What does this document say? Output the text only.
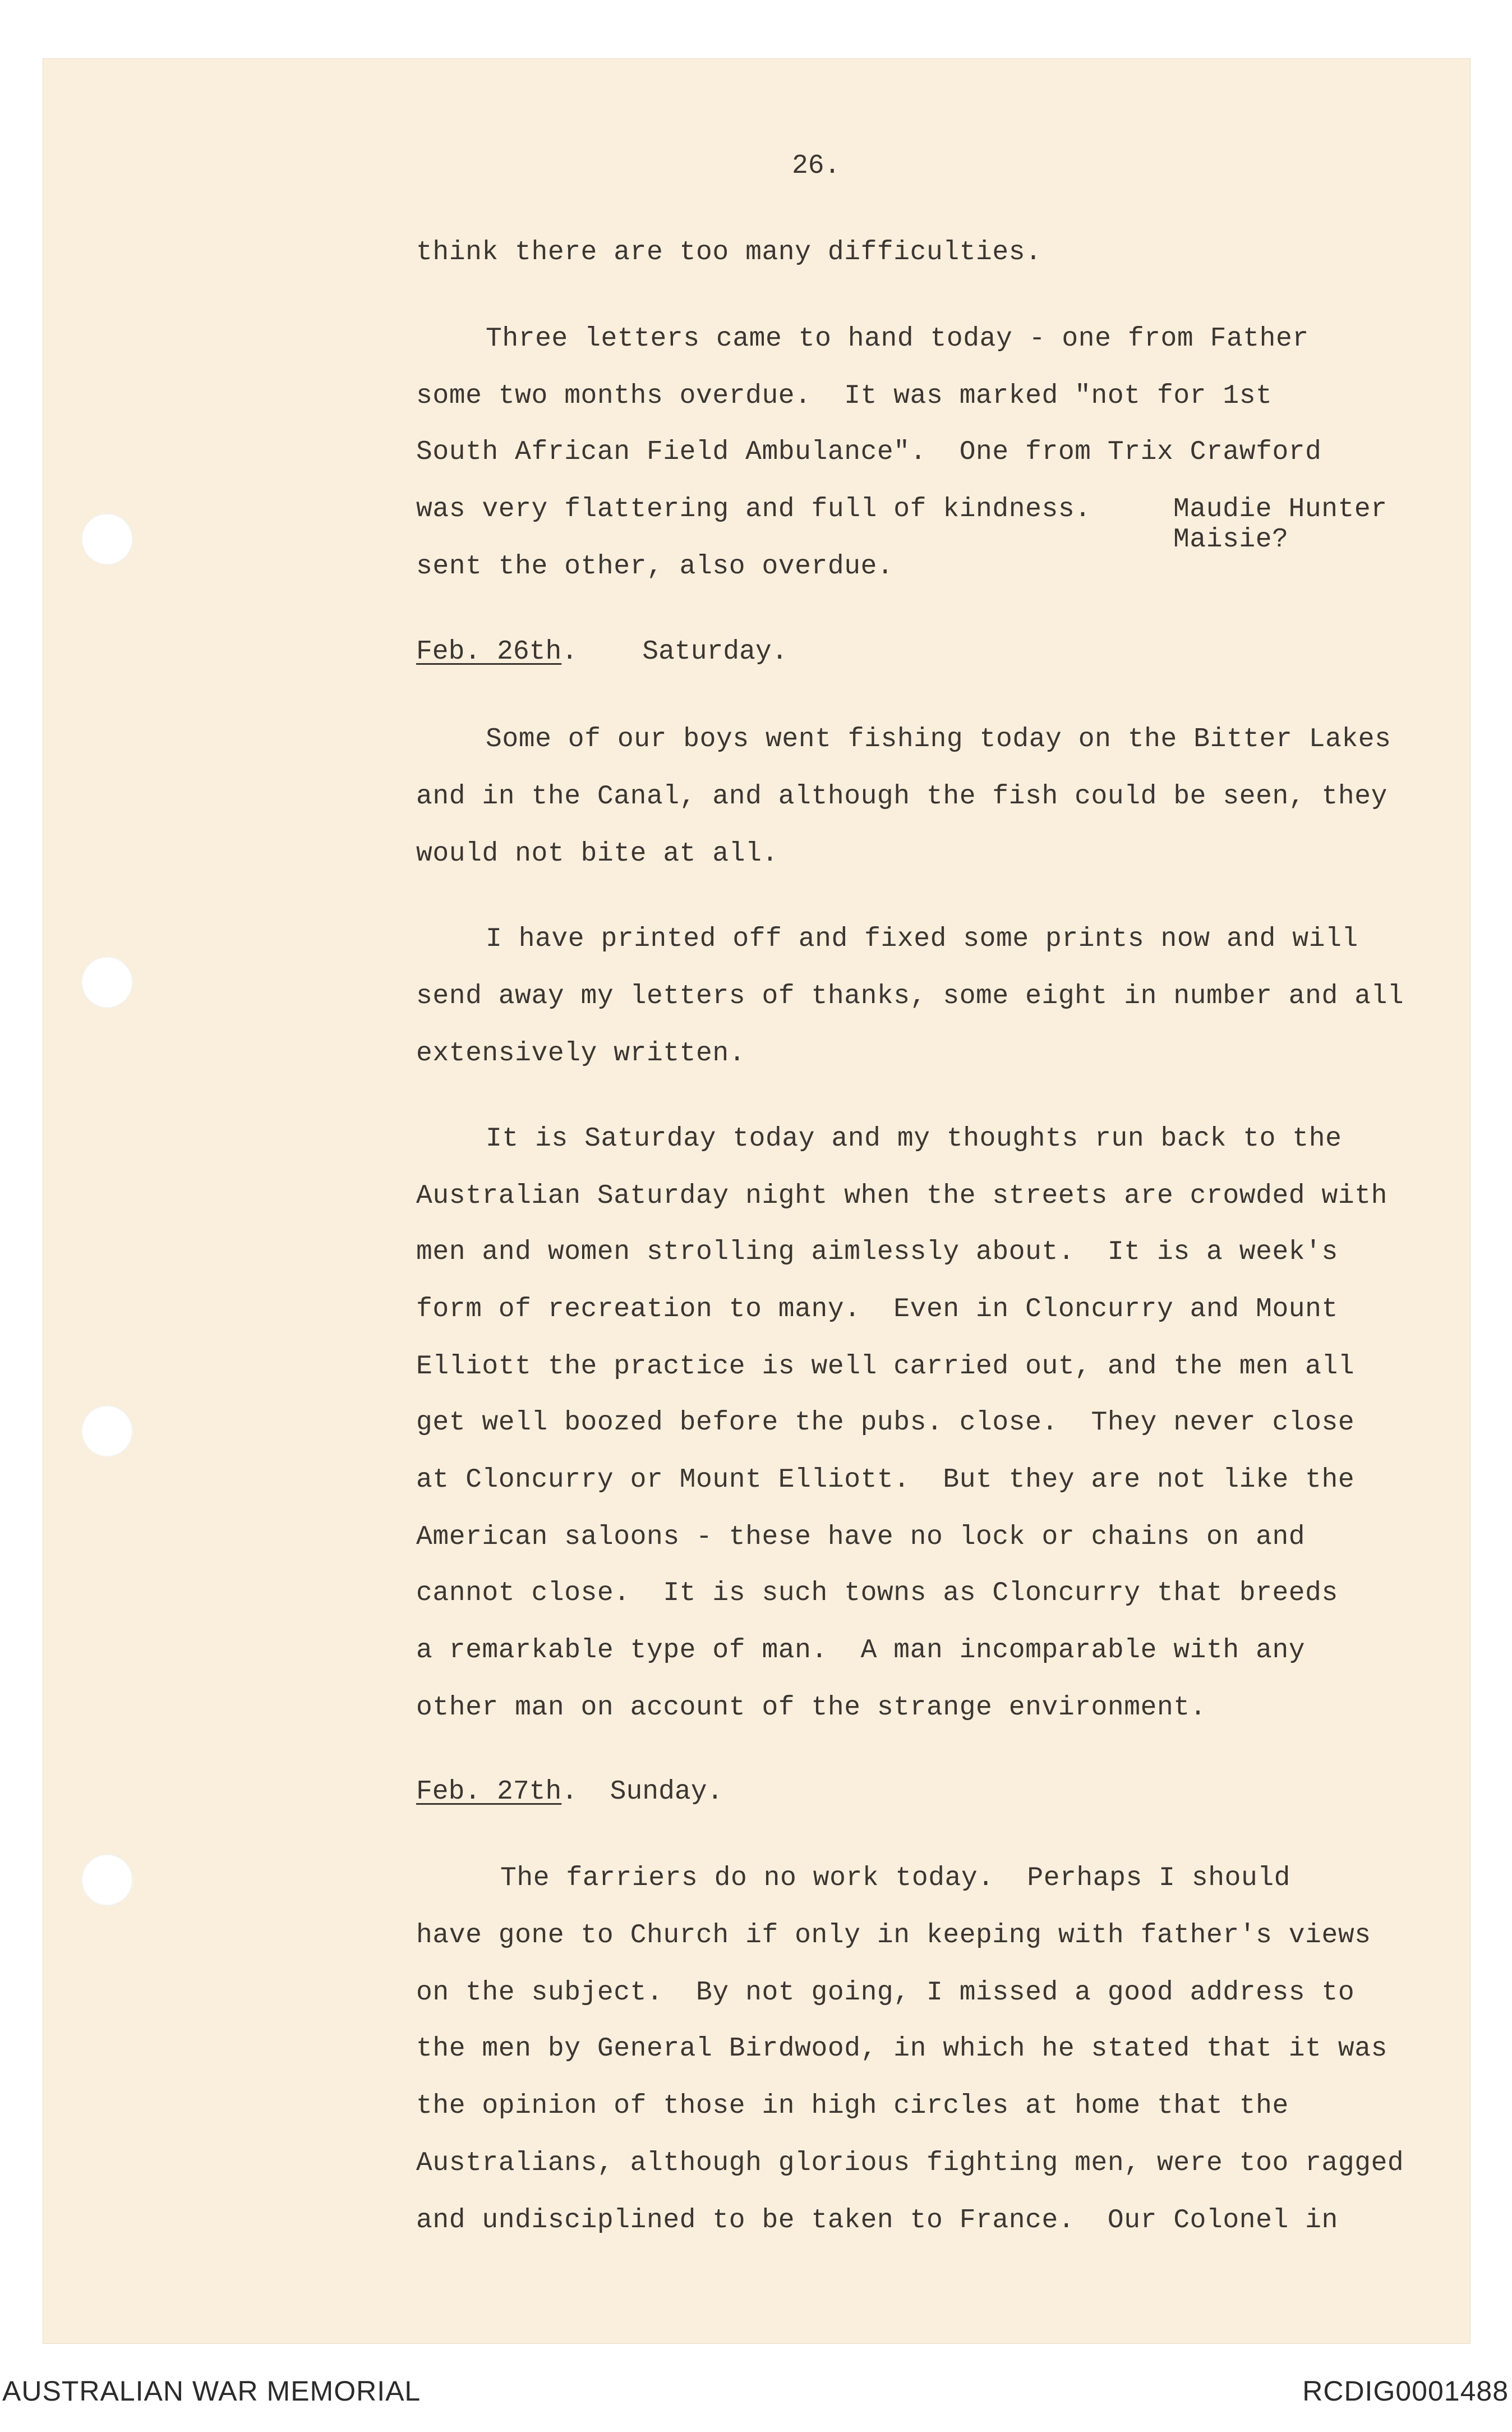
26.
think there are too many difficulties.
Three letters came to hand today - one from Father
some two months overdue.  It was marked "not for 1st
South African Field Ambulance".  One from Trix Crawford
was very flattering and full of kindness.	Maudie Hunter
Maisie?
sent the other, also overdue.
Feb. 26th.    Saturday.
Some of our boys went fishing today on the Bitter Lakes
and in the Canal, and although the fish could be seen, they
would not bite at all.
I have printed off and fixed some prints now and will
send away my letters of thanks, some eight in number and all
extensively written.
It is Saturday today and my thoughts run back to the
Australian Saturday night when the streets are crowded with
men and women strolling aimlessly about.  It is a week's
form of recreation to many.  Even in Cloncurry and Mount
Elliott the practice is well carried out, and the men all
get well boozed before the pubs. close.  They never close
at Cloncurry or Mount Elliott.  But they are not like the
American saloons - these have no lock or chains on and
cannot close.  It is such towns as Cloncurry that breeds
a remarkable type of man.  A man incomparable with any
other man on account of the strange environment.
Feb. 27th.  Sunday.
The farriers do no work today.  Perhaps I should
have gone to Church if only in keeping with father's views
on the subject.  By not going, I missed a good address to
the men by General Birdwood, in which he stated that it was
the opinion of those in high circles at home that the
Australians, although glorious fighting men, were too ragged
and undisciplined to be taken to France.  Our Colonel in
AUSTRALIAN WAR MEMORIAL	RCDIG0001488
